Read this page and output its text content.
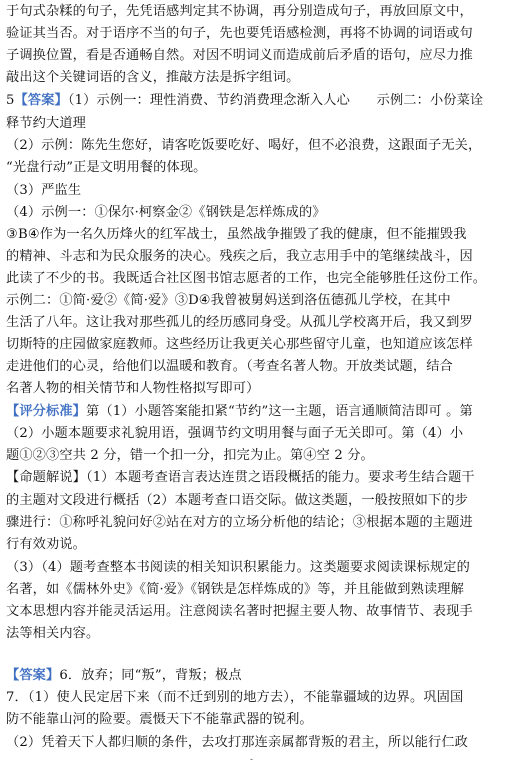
于句式杂糅的句子，先凭语感判定其不协调，再分别造成句子，再放回原文中，
验证其当否。对于语序不当的句子，先也要凭语感检测，再将不协调的词语或句
子调换位置，看是否通畅自然。对因不明词义而造成前后矛盾的语句，应尽力推
敲出这个关键词语的含义，推敲方法是拆字组词。
5【答案】（1）示例一：理性消费、节约消费理念渐入人心　　示例二：小份菜诠
释节约大道理
（2）示例：陈先生您好，请客吃饭要吃好、喝好，但不必浪费，这跟面子无关，
“光盘行动”正是文明用餐的体现。
（3）严监生
（4）示例一：①保尔·柯察金②《钢铁是怎样炼成的》
③B④作为一名久历烽火的红军战士，虽然战争摧毁了我的健康，但不能摧毁我
的精神、斗志和为民众服务的决心。残疾之后，我立志用手中的笔继续战斗，因
此读了不少的书。我既适合社区图书馆志愿者的工作，也完全能够胜任这份工作。
示例二：①简·爱②《简·爱》③D④我曾被舅妈送到洛伍德孤儿学校，在其中
生活了八年。这让我对那些孤儿的经历感同身受。从孤儿学校离开后，我又到罗
切斯特的庄园做家庭教师。这些经历让我更关心那些留守儿童，也知道应该怎样
走进他们的心灵，给他们以温暖和教育。（考查名著人物。开放类试题，结合
名著人物的相关情节和人物性格拟写即可）
【评分标准】第（1）小题答案能扣紧“节约”这一主题，语言通顺简洁即可 。第
（2）小题本题要求礼貌用语，强调节约文明用餐与面子无关即可。第（4）小
题①②③空共 2 分，错一个扣一分，扣完为止。第④空 2 分。
【命题解说】（1）本题考查语言表达连贯之语段概括的能力。要求考生结合题干
的主题对文段进行概括（2）本题考查口语交际。做这类题，一般按照如下的步
骤进行：①称呼礼貌问好②站在对方的立场分析他的结论；③根据本题的主题进
行有效劝说。
（3）（4）题考查整本书阅读的相关知识积累能力。这类题要求阅读课标规定的
名著，如《儒林外史》《简·爱》《钢铁是怎样炼成的》等，并且能做到熟读理解
文本思想内容并能灵活运用。注意阅读名著时把握主要人物、故事情节、表现手
法等相关内容。
【答案】6．放弃；同“叛”，背叛；极点
7．（1）使人民定居下来（而不迁到别的地方去），不能靠疆域的边界。巩固国
防不能靠山河的险要。震慑天下不能靠武器的锐利。
（2）凭着天下人都归顺的条件，去攻打那连亲属都背叛的君主，所以能行仁政
-
